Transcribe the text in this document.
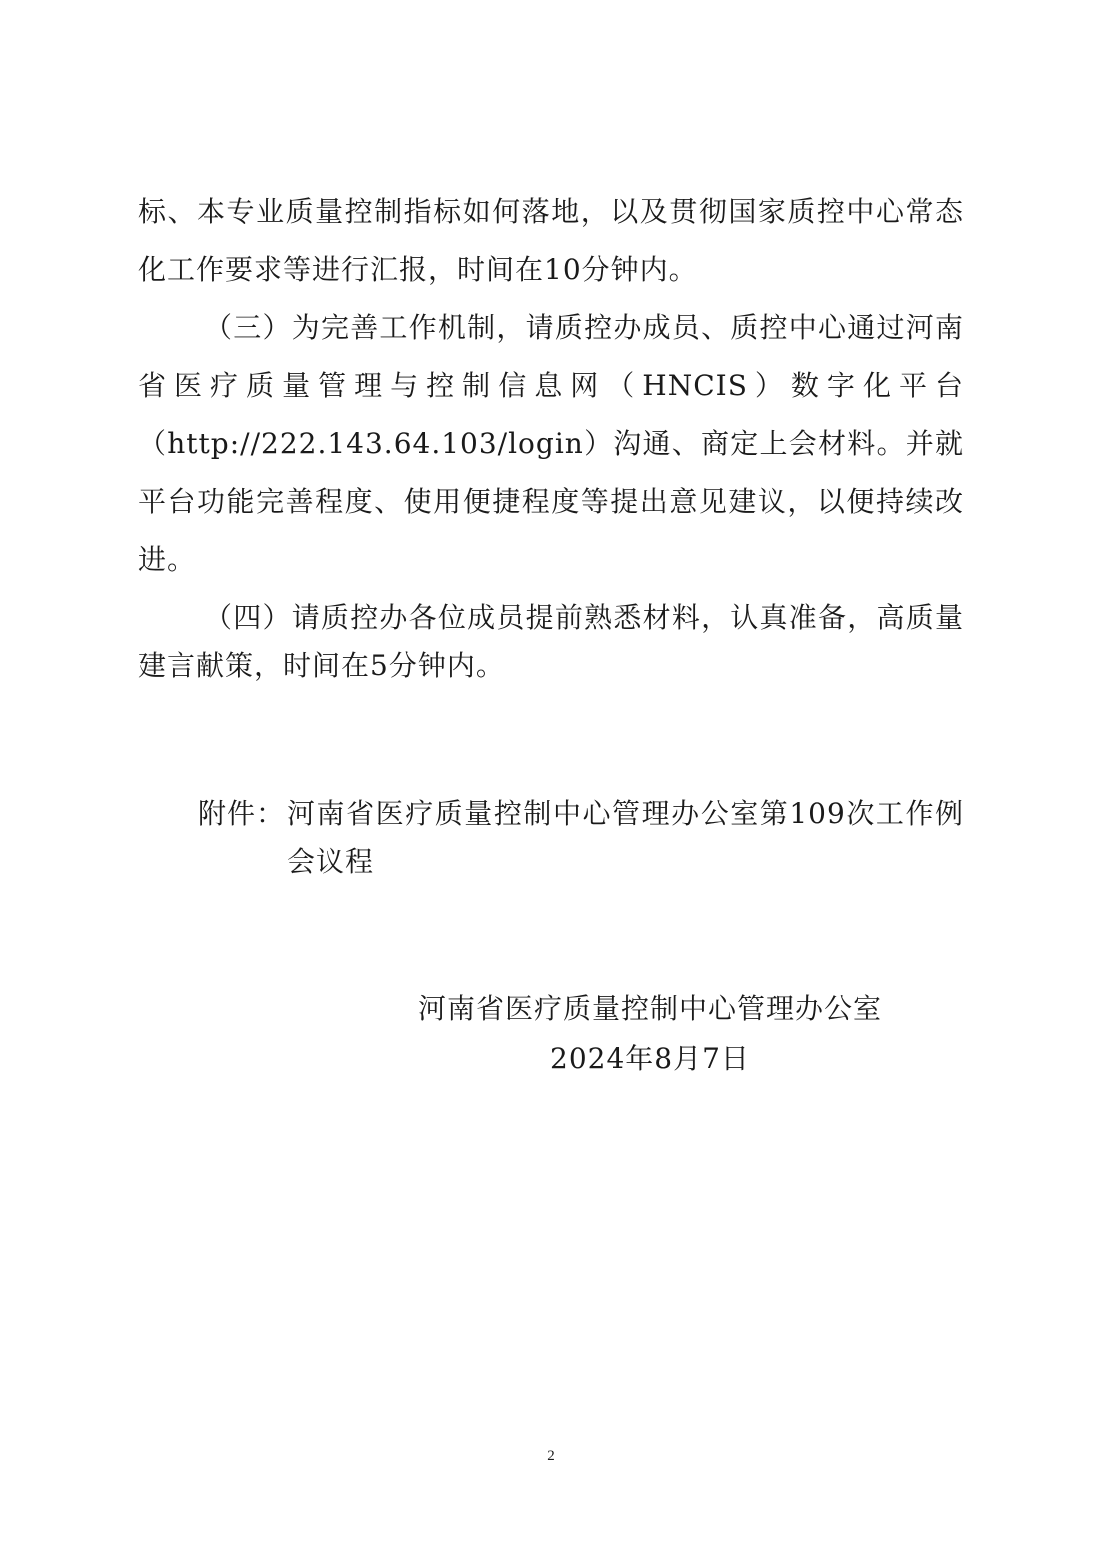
标、本专业质量控制指标如何落地，以及贯彻国家质控中心常态
化工作要求等进行汇报，时间在10分钟内。
（三）为完善工作机制，请质控办成员、质控中心通过河南
省医疗质量管理与控制信息网（HNCIS）数字化平台
（http://222.143.64.103/login）沟通、商定上会材料。并就
平台功能完善程度、使用便捷程度等提出意见建议，以便持续改
进。
（四）请质控办各位成员提前熟悉材料，认真准备，高质量
建言献策，时间在5分钟内。
附件： 河南省医疗质量控制中心管理办公室第109次工作例
会议程
河南省医疗质量控制中心管理办公室
2024年8月7日
2
